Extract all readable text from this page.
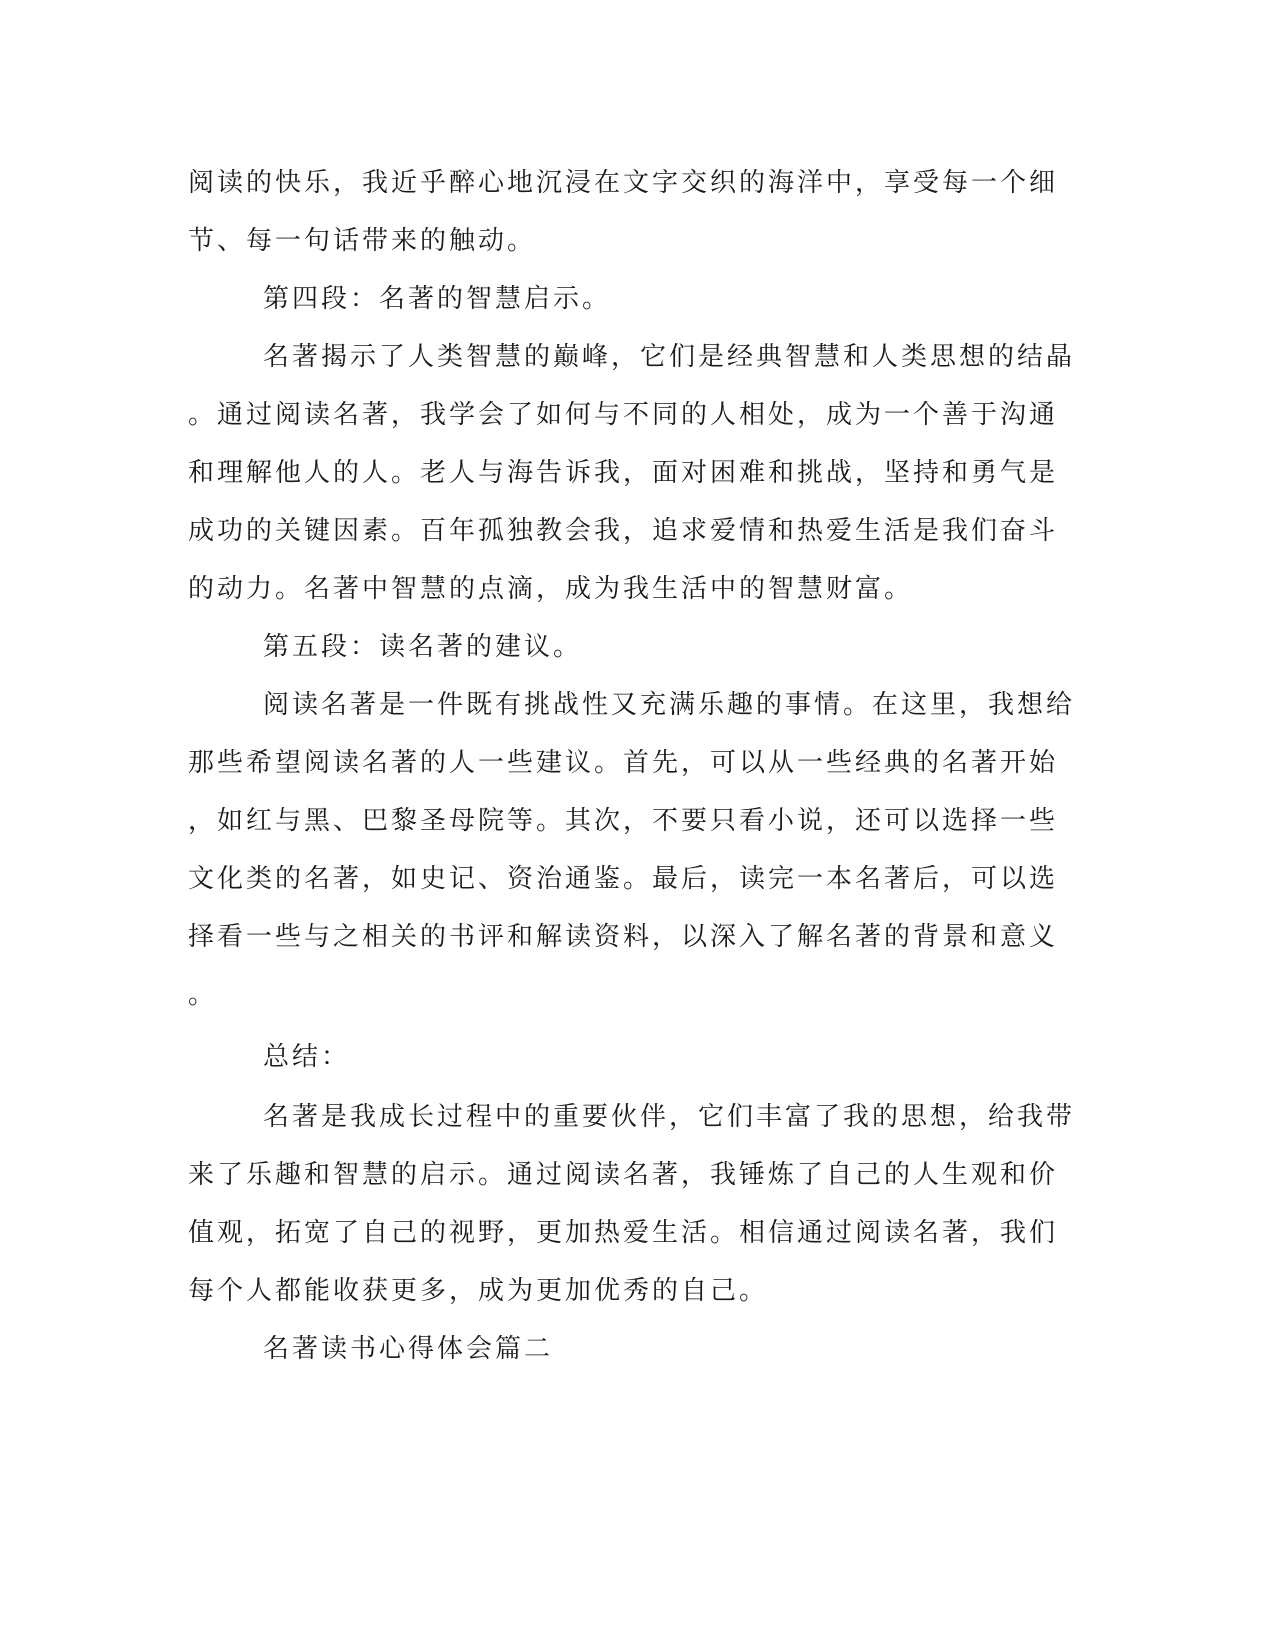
阅读的快乐，我近乎醉心地沉浸在文字交织的海洋中，享受每一个细
节、每一句话带来的触动。
第四段：名著的智慧启示。
名著揭示了人类智慧的巅峰，它们是经典智慧和人类思想的结晶
。通过阅读名著，我学会了如何与不同的人相处，成为一个善于沟通
和理解他人的人。老人与海告诉我，面对困难和挑战，坚持和勇气是
成功的关键因素。百年孤独教会我，追求爱情和热爱生活是我们奋斗
的动力。名著中智慧的点滴，成为我生活中的智慧财富。
第五段：读名著的建议。
阅读名著是一件既有挑战性又充满乐趣的事情。在这里，我想给
那些希望阅读名著的人一些建议。首先，可以从一些经典的名著开始
，如红与黑、巴黎圣母院等。其次，不要只看小说，还可以选择一些
文化类的名著，如史记、资治通鉴。最后，读完一本名著后，可以选
择看一些与之相关的书评和解读资料，以深入了解名著的背景和意义
。
总结：
名著是我成长过程中的重要伙伴，它们丰富了我的思想，给我带
来了乐趣和智慧的启示。通过阅读名著，我锤炼了自己的人生观和价
值观，拓宽了自己的视野，更加热爱生活。相信通过阅读名著，我们
每个人都能收获更多，成为更加优秀的自己。
名著读书心得体会篇二
